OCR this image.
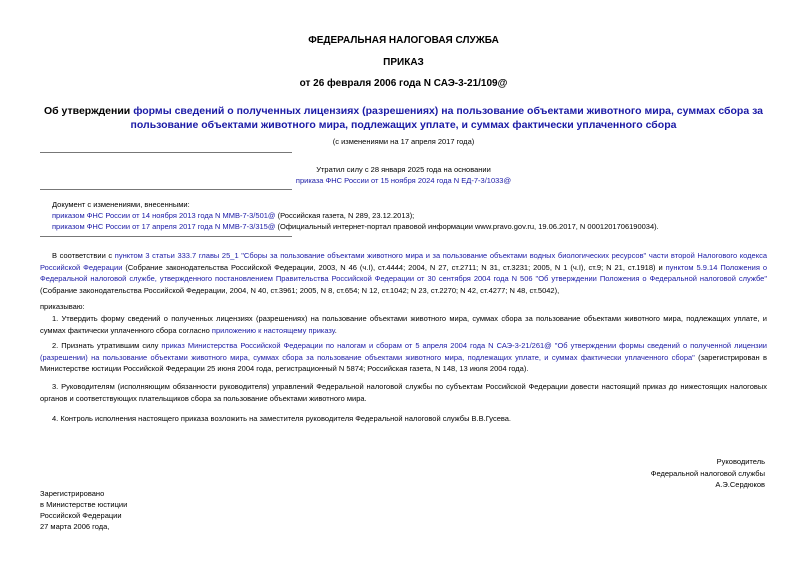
ФЕДЕРАЛЬНАЯ НАЛОГОВАЯ СЛУЖБА
ПРИКАЗ
от 26 февраля 2006 года N САЭ-3-21/109@
Об утверждении формы сведений о полученных лицензиях (разрешениях) на пользование объектами животного мира, суммах сбора за пользование объектами животного мира, подлежащих уплате, и суммах фактически уплаченного сбора
(с изменениями на 17 апреля 2017 года)
Утратил силу с 28 января 2025 года на основании
приказа ФНС России от 15 ноября 2024 года N ЕД-7-3/1033@
Документ с изменениями, внесенными:
приказом ФНС России от 14 ноября 2013 года N ММВ-7-3/501@ (Российская газета, N 289, 23.12.2013);
приказом ФНС России от 17 апреля 2017 года N ММВ-7-3/315@ (Официальный интернет-портал правовой информации www.pravo.gov.ru, 19.06.2017, N 0001201706190034).
В соответствии с пунктом 3 статьи 333.7 главы 25_1 "Сборы за пользование объектами животного мира и за пользование объектами водных биологических ресурсов" части второй Налогового кодекса Российской Федерации (Собрание законодательства Российской Федерации, 2003, N 46 (ч.I), ст.4444; 2004, N 27, ст.2711; N 31, ст.3231; 2005, N 1 (ч.I), ст.9; N 21, ст.1918) и пунктом 5.9.14 Положения о Федеральной налоговой службе, утвержденного постановлением Правительства Российской Федерации от 30 сентября 2004 года N 506 "Об утверждении Положения о Федеральной налоговой службе" (Собрание законодательства Российской Федерации, 2004, N 40, ст.3961; 2005, N 8, ст.654; N 12, ст.1042; N 23, ст.2270; N 42, ст.4277; N 48, ст.5042),
приказываю:
1. Утвердить форму сведений о полученных лицензиях (разрешениях) на пользование объектами животного мира, суммах сбора за пользование объектами животного мира, подлежащих уплате, и суммах фактически уплаченного сбора согласно приложению к настоящему приказу.
2. Признать утратившим силу приказ Министерства Российской Федерации по налогам и сборам от 5 апреля 2004 года N САЭ-3-21/261@ "Об утверждении формы сведений о полученной лицензии (разрешении) на пользование объектами животного мира, суммах сбора за пользование объектами животного мира, подлежащих уплате, и суммах фактически уплаченного сбора" (зарегистрирован в Министерстве юстиции Российской Федерации 25 июня 2004 года, регистрационный N 5874; Российская газета, N 148, 13 июля 2004 года).
3. Руководителям (исполняющим обязанности руководителя) управлений Федеральной налоговой службы по субъектам Российской Федерации довести настоящий приказ до нижестоящих налоговых органов и соответствующих плательщиков сбора за пользование объектами животного мира.
4. Контроль исполнения настоящего приказа возложить на заместителя руководителя Федеральной налоговой службы В.В.Гусева.
Руководитель
Федеральной налоговой службы
А.Э.Сердюков
Зарегистрировано
в Министерстве юстиции
Российской Федерации
27 марта 2006 года,
